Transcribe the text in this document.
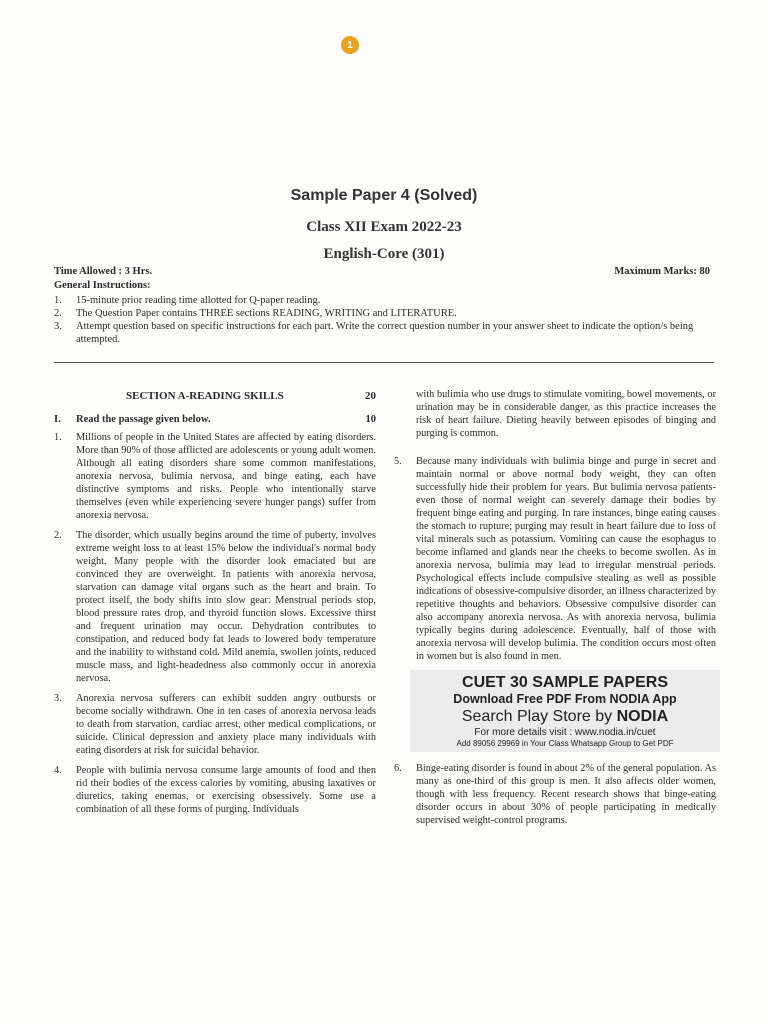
1
Sample Paper 4 (Solved)
Class XII Exam 2022-23
English-Core (301)
Time Allowed : 3 Hrs.	Maximum Marks: 80
General Instructions:
1.	15-minute prior reading time allotted for Q-paper reading.
2.	The Question Paper contains THREE sections READING, WRITING and LITERATURE.
3.	Attempt question based on specific instructions for each part. Write the correct question number in your answer sheet to indicate the option/s being attempted.
SECTION A-READING SKILLS	20
I.	Read the passage given below.	10
1.	Millions of people in the United States are affected by eating disorders. More than 90% of those afflicted are adolescents or young adult women. Although all eating disorders share some common manifestations, anorexia nervosa, bulimia nervosa, and binge eating, each have distinctive symptoms and risks. People who intentionally starve themselves (even while experiencing severe hunger pangs) suffer from anorexia nervosa.
2.	The disorder, which usually begins around the time of puberty, involves extreme weight loss to at least 15% below the individual's normal body weight. Many people with the disorder look emaciated but are convinced they are overweight. In patients with anorexia nervosa, starvation can damage vital organs such as the heart and brain. To protect itself, the body shifts into slow gear: Menstrual periods stop, blood pressure rates drop, and thyroid function slows. Excessive thirst and frequent urination may occur. Dehydration contributes to constipation, and reduced body fat leads to lowered body temperature and the inability to withstand cold. Mild anemia, swollen joints, reduced muscle mass, and light-headedness also commonly occur in anorexia nervosa.
3.	Anorexia nervosa sufferers can exhibit sudden angry outbursts or become socially withdrawn. One in ten cases of anorexia nervosa leads to death from starvation, cardiac arrest, other medical complications, or suicide. Clinical depression and anxiety place many individuals with eating disorders at risk for suicidal behavior.
4.	People with bulimia nervosa consume large amounts of food and then rid their bodies of the excess calories by vomiting, abusing laxatives or diuretics, taking enemas, or exercising obsessively. Some use a combination of all these forms of purging. Individuals
with bulimia who use drugs to stimulate vomiting, bowel movements, or urination may be in considerable danger, as this practice increases the risk of heart failure. Dieting heavily between episodes of binging and purging is common.
5.	Because many individuals with bulimia binge and purge in secret and maintain normal or above normal body weight, they can often successfully hide their problem for years. But bulimia nervosa patients-even those of normal weight can severely damage their bodies by frequent binge eating and purging. In rare instances, binge eating causes the stomach to rupture; purging may result in heart failure due to loss of vital minerals such as potassium. Vomiting can cause the esophagus to become inflamed and glands near the cheeks to become swollen. As in anorexia nervosa, bulimia may lead to irregular menstrual periods. Psychological effects include compulsive stealing as well as possible indications of obsessive-compulsive disorder, an illness characterized by repetitive thoughts and behaviors. Obsessive compulsive disorder can also accompany anorexia nervosa. As with anorexia nervosa, bulimia typically begins during adolescence. Eventually, half of those with anorexia nervosa will develop bulimia. The condition occurs most often in women but is also found in men.
CUET 30 SAMPLE PAPERS
Download Free PDF From NODIA App
Search Play Store by NODIA
For more details visit : www.nodia.in/cuet
Add 89056 29969 in Your Class Whatsapp Group to Get PDF
6.	Binge-eating disorder is found in about 2% of the general population. As many as one-third of this group is men. It also affects older women, though with less frequency. Recent research shows that binge-eating disorder occurs in about 30% of people participating in medically supervised weight-control programs.
